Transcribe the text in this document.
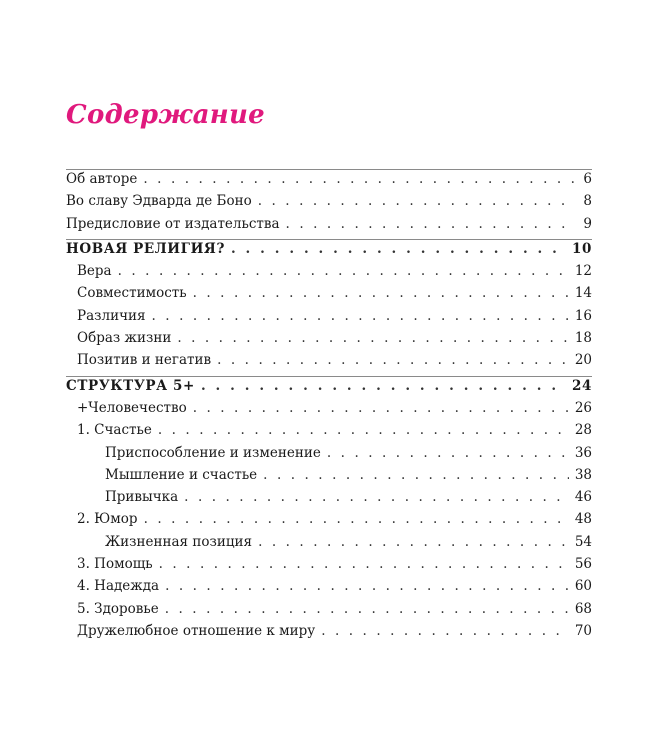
Содержание
Об авторе . . .	6
Во славу Эдварда де Боно . . .	8
Предисловие от издательства . . .	9
НОВАЯ РЕЛИГИЯ? . . .	10
Вера . . .	12
Совместимость . . .	14
Различия . . .	16
Образ жизни . . .	18
Позитив и негатив . . .	20
СТРУКТУРА 5+ . . .	24
+Человечество . . .	26
1. Счастье . . .	28
Приспособление и изменение . . .	36
Мышление и счастье . . .	38
Привычка . . .	46
2. Юмор . . .	48
Жизненная позиция . . .	54
3. Помощь . . .	56
4. Надежда . . .	60
5. Здоровье . . .	68
Дружелюбное отношение к миру . . .	70
